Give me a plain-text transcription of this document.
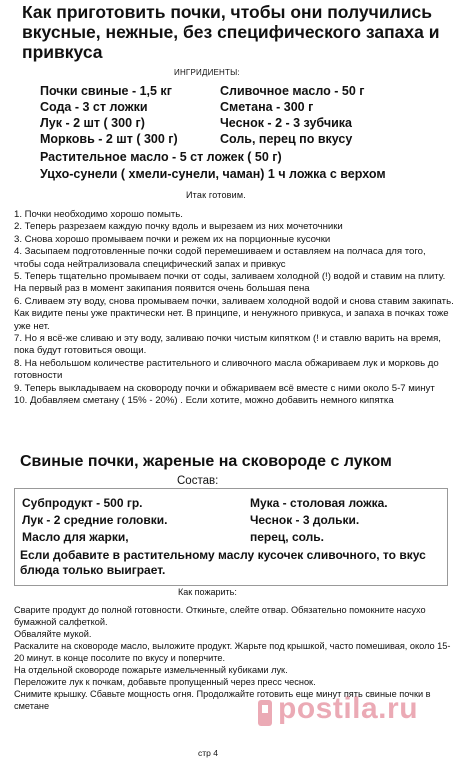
Как приготовить почки, чтобы они получились вкусные, нежные, без специфического запаха и привкуса
ИНГРИДИЕНТЫ:
Почки свиные - 1,5 кг
Сода - 3 ст ложки
Лук - 2 шт ( 300 г)
Морковь - 2 шт ( 300 г)
Сливочное масло - 50 г
Сметана - 300 г
Чеснок - 2 - 3 зубчика
Соль, перец по вкусу
Растительное масло - 5 ст ложек ( 50 г)
Уцхо-сунели ( хмели-сунели, чаман) 1 ч ложка с верхом
Итак готовим.
1. Почки необходимо хорошо помыть.
2. Теперь разрезаем каждую почку вдоль и вырезаем из них мочеточники
3. Снова хорошо промываем почки и режем их на порционные кусочки
4. Засыпаем подготовленные почки содой перемешиваем и оставляем на полчаса для того, чтобы сода нейтрализовала специфический запах и привкус
5. Теперь тщательно промываем почки от соды, заливаем холодной (!) водой и ставим на плиту. На первый раз в момент закипания появится очень большая пена
6. Сливаем эту воду, снова промываем почки, заливаем холодной водой и снова ставим закипать. Как видите пены уже практически нет. В принципе, и ненужного привкуса, и запаха в почках тоже уже нет.
7. Но я всё-же сливаю и эту воду, заливаю почки чистым кипятком (! и ставлю варить на время, пока будут готовиться овощи.
8. На небольшом количестве растительного и сливочного масла обжариваем лук и морковь до готовности
9. Теперь выкладываем на сковороду почки и обжариваем всё вместе с ними около 5-7 минут
10. Добавляем сметану ( 15% - 20%) . Если хотите, можно добавить немного кипятка
Свиные почки, жареные на сковороде с луком
Состав:
Субпродукт - 500 гр.
Лук - 2 средние головки.
Масло для жарки,
Мука - столовая ложка.
Чеснок - 3 дольки.
перец, соль.
Если добавите в растительному маслу кусочек сливочного, то вкус блюда только выиграет.
Как пожарить:
Сварите продукт до полной готовности. Откиньте, слейте отвар. Обязательно помокните насухо бумажной салфеткой.
Обваляйте мукой.
Раскалите на сковороде масло, выложите продукт. Жарьте под крышкой, часто помешивая, около 15-20 минут. в конце посолите по вкусу и поперчите.
На отдельной сковороде пожарьте измельченный кубиками лук.
Переложите лук к почкам, добавьте пропущенный через пресс чеснок.
Снимите крышку. Сбавьте мощность огня. Продолжайте готовить еще минут пять свиные почки в сметане	postila.ru
стр 4
